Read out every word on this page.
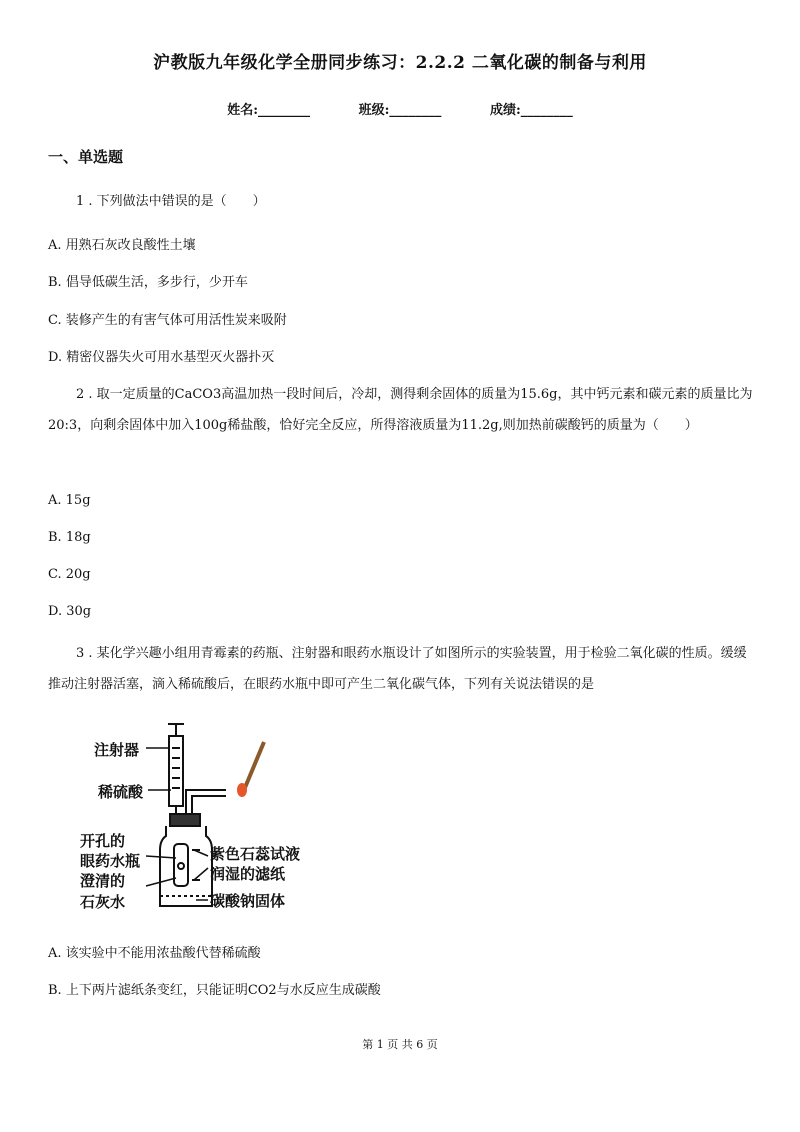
沪教版九年级化学全册同步练习：2.2.2 二氧化碳的制备与利用
姓名:________	班级:________	成绩:________
一、单选题
1 . 下列做法中错误的是（　　）
A. 用熟石灰改良酸性土壤
B. 倡导低碳生活，多步行，少开车
C. 装修产生的有害气体可用活性炭来吸附
D. 精密仪器失火可用水基型灭火器扑灭
2 . 取一定质量的CaCO3高温加热一段时间后，冷却，测得剩余固体的质量为15.6g，其中钙元素和碳元素的质量比为20:3，向剩余固体中加入100g稀盐酸，恰好完全反应，所得溶液质量为11.2g,则加热前碳酸钙的质量为（　　）
A. 15g
B. 18g
C. 20g
D. 30g
3 . 某化学兴趣小组用青霉素的药瓶、注射器和眼药水瓶设计了如图所示的实验装置，用于检验二氧化碳的性质。缓缓推动注射器活塞，滴入稀硫酸后，在眼药水瓶中即可产生二氧化碳气体，下列有关说法错误的是
注射器
稀硫酸
开孔的
眼药水瓶
澄清的
石灰水
紫色石蕊试液
润湿的滤纸
碳酸钠固体
A. 该实验中不能用浓盐酸代替稀硫酸
B. 上下两片滤纸条变红，只能证明CO2与水反应生成碳酸
第 1 页 共 6 页
